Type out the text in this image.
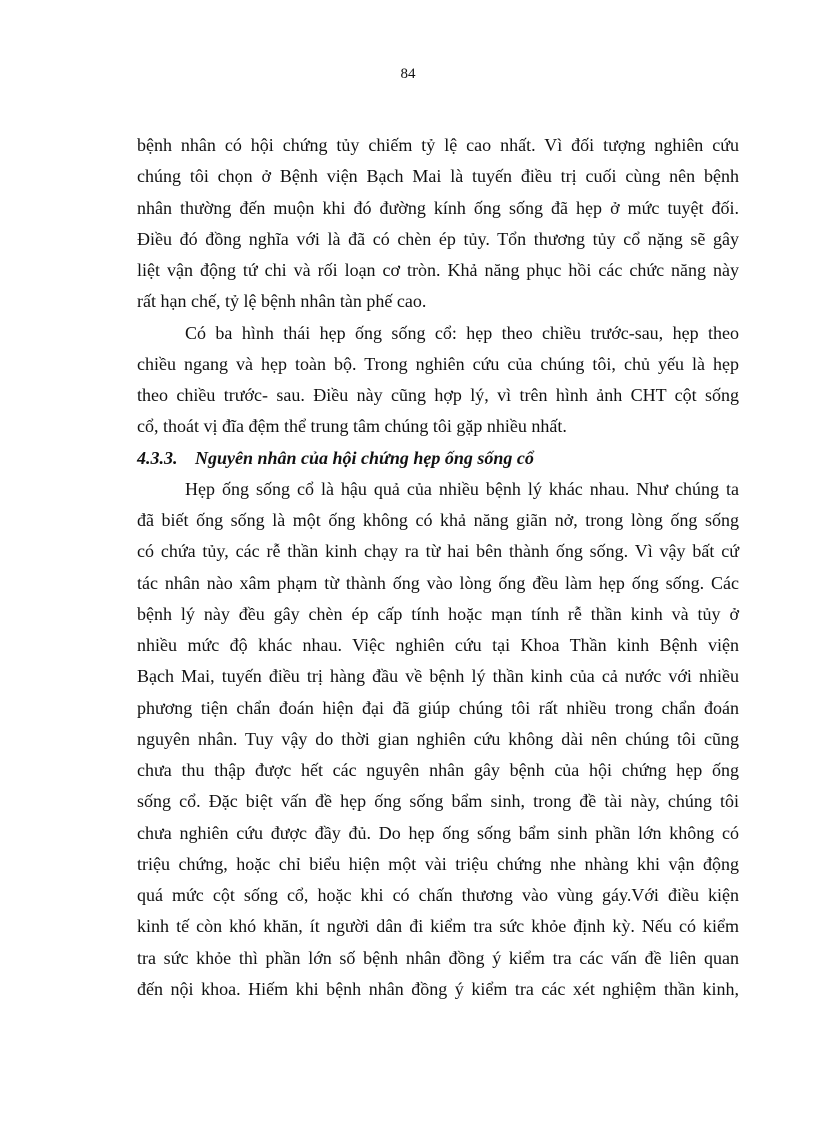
84
bệnh nhân có hội chứng tủy chiếm tỷ lệ cao nhất. Vì đối tượng nghiên cứu
chúng tôi chọn ở Bệnh viện Bạch Mai là tuyến điều trị cuối cùng nên bệnh
nhân thường đến muộn khi đó đường kính ống sống đã hẹp ở mức tuyệt đối.
Điều đó đồng nghĩa với là đã có chèn ép tủy. Tổn thương tủy cổ nặng sẽ gây
liệt vận động tứ chi và rối loạn cơ tròn. Khả năng phục hồi các chức năng này
rất hạn chế, tỷ lệ bệnh nhân tàn phế cao.
Có ba hình thái hẹp ống sống cổ: hẹp theo chiều trước-sau, hẹp theo
chiều ngang và hẹp toàn bộ. Trong nghiên cứu của chúng tôi, chủ yếu là hẹp
theo chiều trước- sau. Điều này cũng hợp lý, vì trên hình ảnh CHT cột sống
cổ, thoát vị đĩa đệm thể trung tâm chúng tôi gặp nhiều nhất.
4.3.3. Nguyên nhân của hội chứng hẹp ống sống cổ
Hẹp ống sống cổ là hậu quả của nhiều bệnh lý khác nhau. Như chúng ta
đã biết ống sống là một ống không có khả năng giãn nở, trong lòng ống sống
có chứa tủy, các rễ thần kinh chạy ra từ hai bên thành ống sống. Vì vậy bất cứ
tác nhân nào xâm phạm từ thành ống vào lòng ống đều làm hẹp ống sống. Các
bệnh lý này đều gây chèn ép cấp tính hoặc mạn tính rễ thần kinh và tủy ở
nhiều mức độ khác nhau. Việc nghiên cứu tại Khoa Thần kinh Bệnh viện
Bạch Mai, tuyến điều trị hàng đầu về bệnh lý thần kinh của cả nước với nhiều
phương tiện chẩn đoán hiện đại đã giúp chúng tôi rất nhiều trong chẩn đoán
nguyên nhân. Tuy vậy do thời gian nghiên cứu không dài nên chúng tôi cũng
chưa thu thập được hết các nguyên nhân gây bệnh của hội chứng hẹp ống
sống cổ. Đặc biệt vấn đề hẹp ống sống bẩm sinh, trong đề tài này, chúng tôi
chưa nghiên cứu được đầy đủ. Do hẹp ống sống bẩm sinh phần lớn không có
triệu chứng, hoặc chỉ biểu hiện một vài triệu chứng nhe nhàng khi vận động
quá mức cột sống cổ, hoặc khi có chấn thương vào vùng gáy.Với điều kiện
kinh tế còn khó khăn, ít người dân đi kiểm tra sức khỏe định kỳ. Nếu có kiểm
tra sức khỏe thì phần lớn số bệnh nhân đồng ý kiểm tra các vấn đề liên quan
đến nội khoa. Hiếm khi bệnh nhân đồng ý kiểm tra các xét nghiệm thần kinh,
